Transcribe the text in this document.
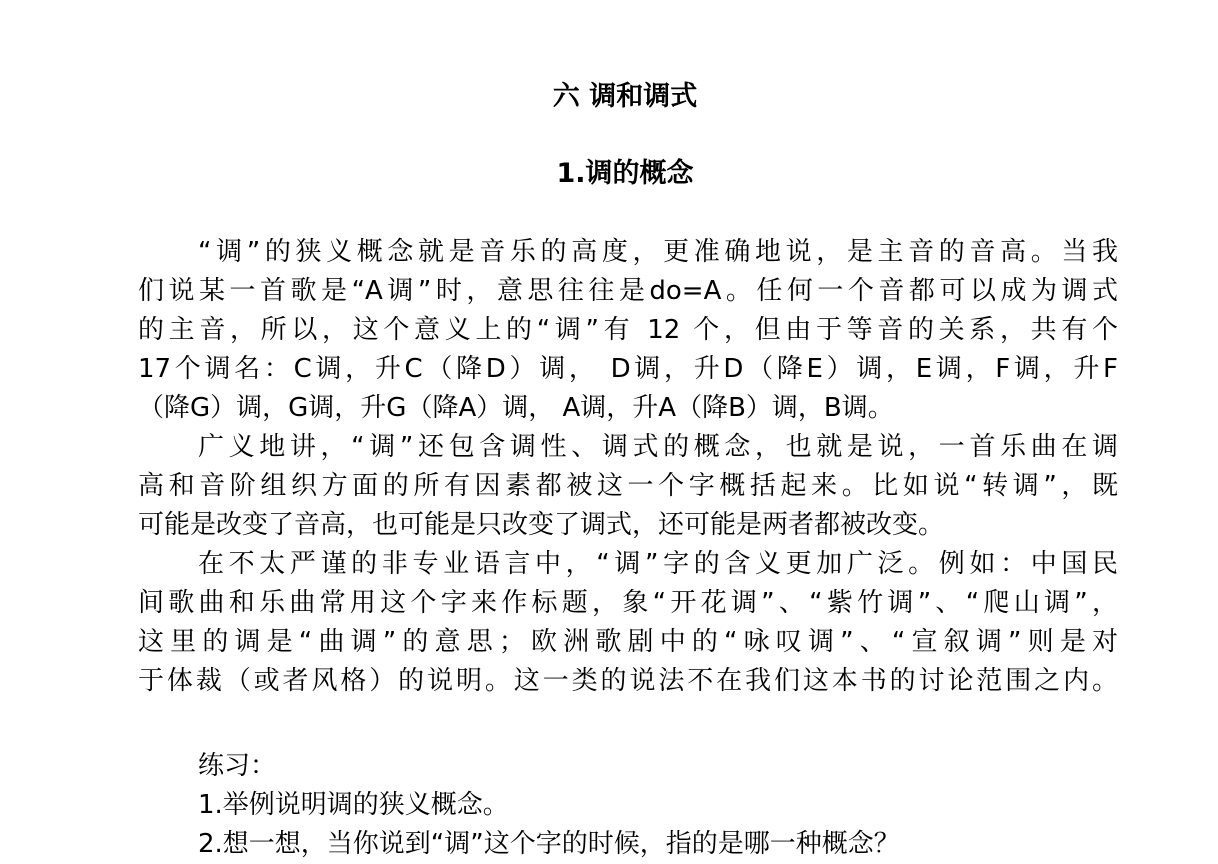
六 调和调式
1.调的概念
“调”的狭义概念就是音乐的高度，更准确地说，是主音的音高。当我
们说某一首歌是“A调”时，意思往往是do=A。任何一个音都可以成为调式
的主音，所以，这个意义上的“调”有 12 个，但由于等音的关系，共有个
17个调名：C调，升C（降D）调， D调，升D（降E）调，E调，F调，升F
（降G）调，G调，升G（降A）调， A调，升A（降B）调，B调。
广义地讲，“调”还包含调性、调式的概念，也就是说，一首乐曲在调
高和音阶组织方面的所有因素都被这一个字概括起来。比如说“转调”，既
可能是改变了音高，也可能是只改变了调式，还可能是两者都被改变。
在不太严谨的非专业语言中，“调”字的含义更加广泛。例如：中国民
间歌曲和乐曲常用这个字来作标题，象“开花调”、“紫竹调”、“爬山调”，
这里的调是“曲调”的意思；欧洲歌剧中的“咏叹调”、“宣叙调”则是对
于体裁（或者风格）的说明。这一类的说法不在我们这本书的讨论范围之内。
练习：
1.举例说明调的狭义概念。
2.想一想，当你说到“调”这个字的时候，指的是哪一种概念？
